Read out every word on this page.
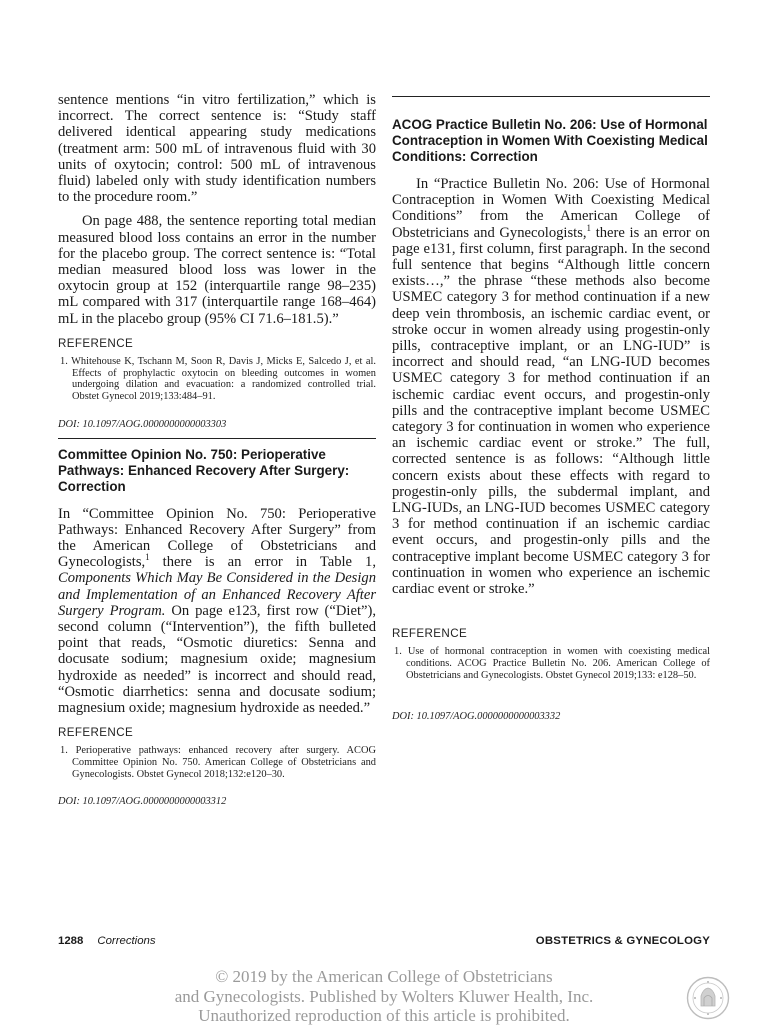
sentence mentions “in vitro fertilization,” which is incorrect. The correct sentence is: “Study staff delivered identical appearing study medications (treatment arm: 500 mL of intravenous fluid with 30 units of oxytocin; control: 500 mL of intravenous fluid) labeled only with study identification numbers to the procedure room.”

On page 488, the sentence reporting total median measured blood loss contains an error in the number for the placebo group. The correct sentence is: “Total median measured blood loss was lower in the oxytocin group at 152 (interquartile range 98–235) mL compared with 317 (interquartile range 168–464) mL in the placebo group (95% CI 71.6–181.5).”

REFERENCE

1. Whitehouse K, Tschann M, Soon R, Davis J, Micks E, Salcedo J, et al. Effects of prophylactic oxytocin on bleeding outcomes in women undergoing dilation and evacuation: a randomized controlled trial. Obstet Gynecol 2019;133:484–91.

DOI: 10.1097/AOG.0000000000003303

Committee Opinion No. 750: Perioperative Pathways: Enhanced Recovery After Surgery: Correction

In “Committee Opinion No. 750: Perioperative Pathways: Enhanced Recovery After Surgery” from the American College of Obstetricians and Gynecologists,$^1$ there is an error in Table 1, Components Which May Be Considered in the Design and Implementation of an Enhanced Recovery After Surgery Program. On page e123, first row (“Diet”), second column (“Intervention”), the fifth bulleted point that reads, “Osmotic diuretics: Senna and docusate sodium; magnesium oxide; magnesium hydroxide as needed” is incorrect and should read, “Osmotic diarrhetics: senna and docusate sodium; magnesium oxide; magnesium hydroxide as needed.”

REFERENCE

1. Perioperative pathways: enhanced recovery after surgery. ACOG Committee Opinion No. 750. American College of Obstetricians and Gynecologists. Obstet Gynecol 2018;132:e120–30.

DOI: 10.1097/AOG.0000000000003312

ACOG Practice Bulletin No. 206: Use of Hormonal Contraception in Women With Coexisting Medical Conditions: Correction

In “Practice Bulletin No. 206: Use of Hormonal Contraception in Women With Coexisting Medical Conditions” from the American College of Obstetricians and Gynecologists,$^1$ there is an error on page e131, first column, first paragraph. In the second full sentence that begins “Although little concern exists…,” the phrase “these methods also become USMEC category 3 for method continuation if a new deep vein thrombosis, an ischemic cardiac event, or stroke occur in women already using progestin-only pills, contraceptive implant, or an LNG-IUD” is incorrect and should read, “an LNG-IUD becomes USMEC category 3 for method continuation if an ischemic cardiac event occurs, and progestin-only pills and the contraceptive implant become USMEC category 3 for continuation in women who experience an ischemic cardiac event or stroke.” The full, corrected sentence is as follows: “Although little concern exists about these effects with regard to progestin-only pills, the subdermal implant, and LNG-IUDs, an LNG-IUD becomes USMEC category 3 for method continuation if an ischemic cardiac event occurs, and progestin-only pills and the contraceptive implant become USMEC category 3 for continuation in women who experience an ischemic cardiac event or stroke.”

REFERENCE

1. Use of hormonal contraception in women with coexisting medical conditions. ACOG Practice Bulletin No. 206. American College of Obstetricians and Gynecologists. Obstet Gynecol 2019;133: e128–50.

DOI: 10.1097/AOG.0000000000003332

1288 Corrections	OBSTETRICS & GYNECOLOGY
© 2019 by the American College of Obstetricians
and Gynecologists. Published by Wolters Kluwer Health, Inc.
Unauthorized reproduction of this article is prohibited.
